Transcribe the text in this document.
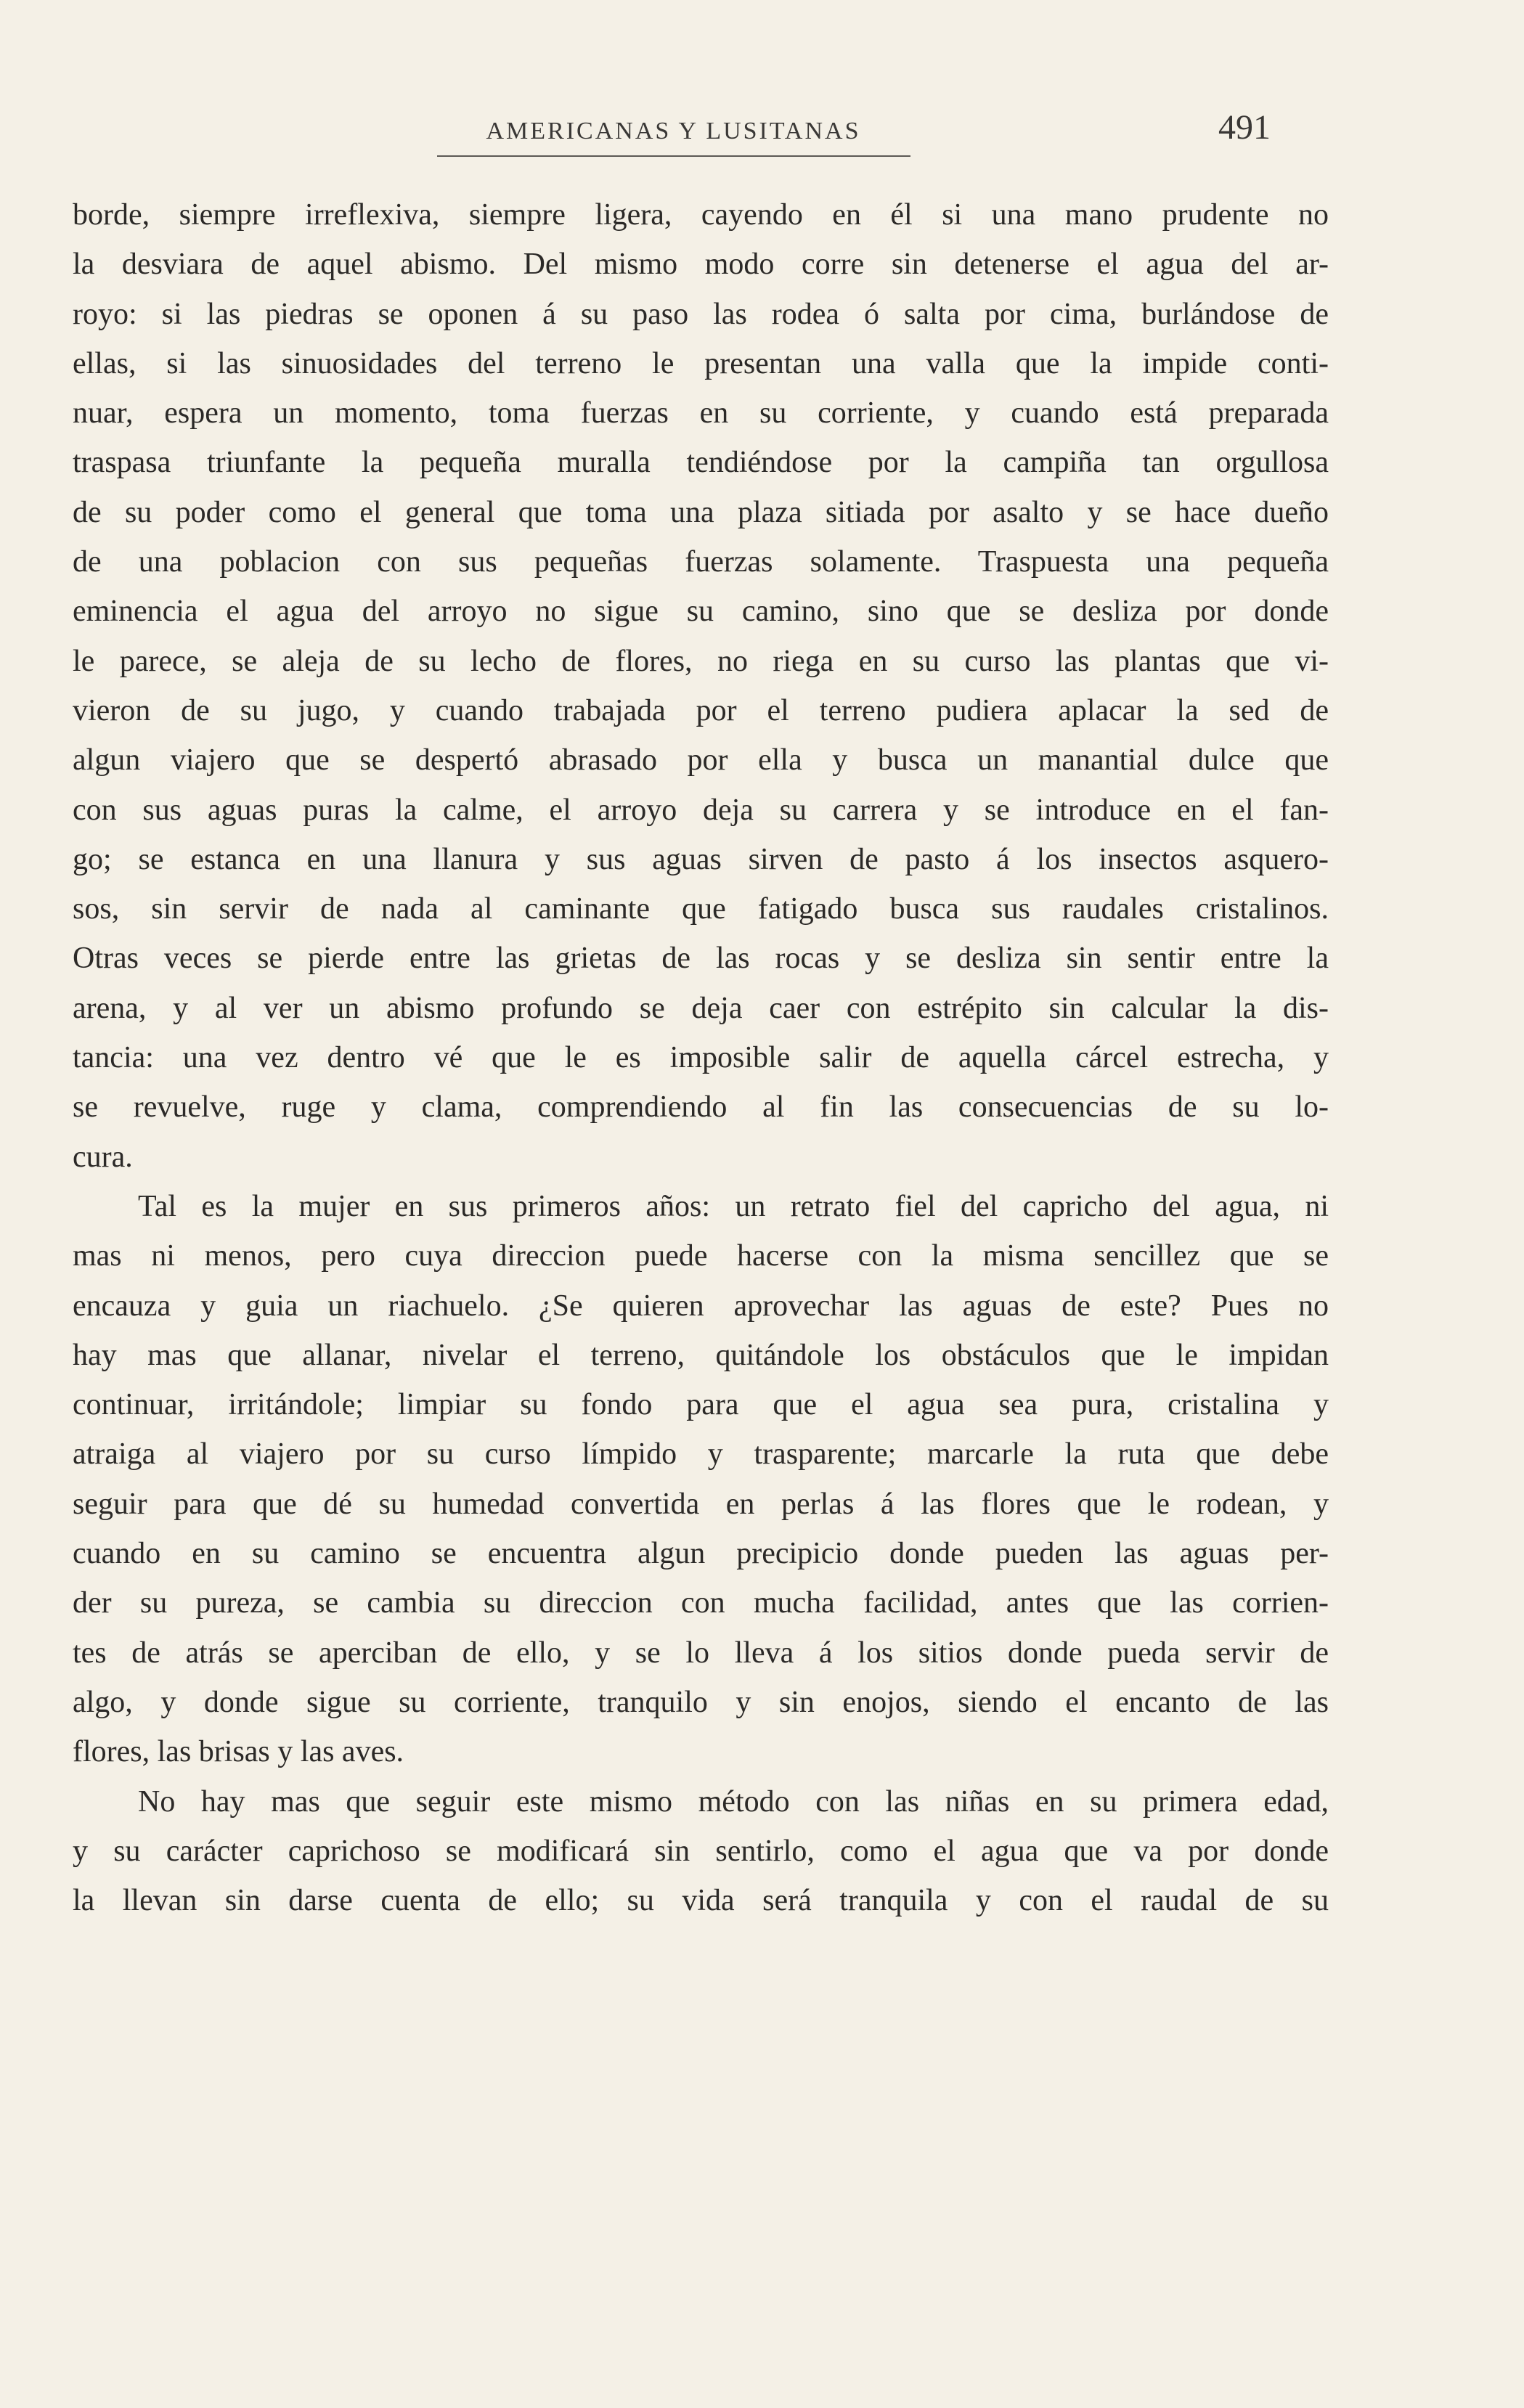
AMERICANAS Y LUSITANAS	491
borde, siempre irreflexiva, siempre ligera, cayendo en él si una mano prudente no
la desviara de aquel abismo. Del mismo modo corre sin detenerse el agua del ar-
royo: si las piedras se oponen á su paso las rodea ó salta por cima, burlándose de
ellas, si las sinuosidades del terreno le presentan una valla que la impide conti-
nuar, espera un momento, toma fuerzas en su corriente, y cuando está preparada
traspasa triunfante la pequeña muralla tendiéndose por la campiña tan orgullosa
de su poder como el general que toma una plaza sitiada por asalto y se hace dueño
de una poblacion con sus pequeñas fuerzas solamente. Traspuesta una pequeña
eminencia el agua del arroyo no sigue su camino, sino que se desliza por donde
le parece, se aleja de su lecho de flores, no riega en su curso las plantas que vi-
vieron de su jugo, y cuando trabajada por el terreno pudiera aplacar la sed de
algun viajero que se despertó abrasado por ella y busca un manantial dulce que
con sus aguas puras la calme, el arroyo deja su carrera y se introduce en el fan-
go; se estanca en una llanura y sus aguas sirven de pasto á los insectos asquero-
sos, sin servir de nada al caminante que fatigado busca sus raudales cristalinos.
Otras veces se pierde entre las grietas de las rocas y se desliza sin sentir entre la
arena, y al ver un abismo profundo se deja caer con estrépito sin calcular la dis-
tancia: una vez dentro vé que le es imposible salir de aquella cárcel estrecha, y
se revuelve, ruge y clama, comprendiendo al fin las consecuencias de su lo-
cura.
Tal es la mujer en sus primeros años: un retrato fiel del capricho del agua, ni
mas ni menos, pero cuya direccion puede hacerse con la misma sencillez que se
encauza y guia un riachuelo. ¿Se quieren aprovechar las aguas de este? Pues no
hay mas que allanar, nivelar el terreno, quitándole los obstáculos que le impidan
continuar, irritándole; limpiar su fondo para que el agua sea pura, cristalina y
atraiga al viajero por su curso límpido y trasparente; marcarle la ruta que debe
seguir para que dé su humedad convertida en perlas á las flores que le rodean, y
cuando en su camino se encuentra algun precipicio donde pueden las aguas per-
der su pureza, se cambia su direccion con mucha facilidad, antes que las corrien-
tes de atrás se aperciban de ello, y se lo lleva á los sitios donde pueda servir de
algo, y donde sigue su corriente, tranquilo y sin enojos, siendo el encanto de las
flores, las brisas y las aves.
No hay mas que seguir este mismo método con las niñas en su primera edad,
y su carácter caprichoso se modificará sin sentirlo, como el agua que va por donde
la llevan sin darse cuenta de ello; su vida será tranquila y con el raudal de su
